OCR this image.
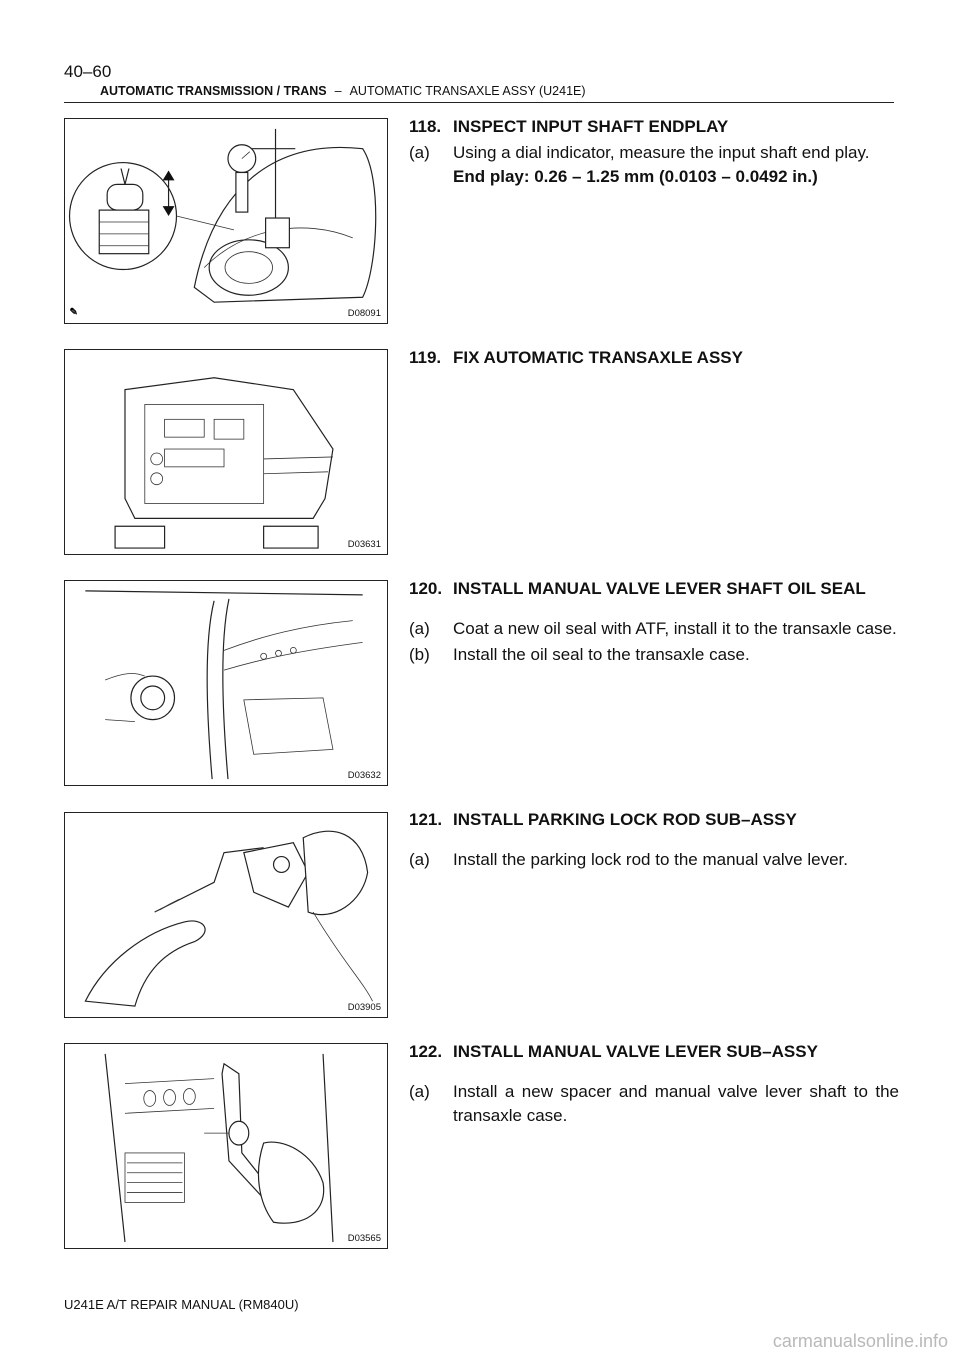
40–60
AUTOMATIC TRANSMISSION / TRANS – AUTOMATIC TRANSAXLE ASSY (U241E)
✎	D08091
D03631
D03632
D03905
D03565
118. INSPECT INPUT SHAFT ENDPLAY
(a)	Using a dial indicator, measure the input shaft end play.
End play: 0.26 – 1.25 mm (0.0103 – 0.0492 in.)
119. FIX AUTOMATIC TRANSAXLE ASSY
120. INSTALL MANUAL VALVE LEVER SHAFT OIL SEAL
(a)	Coat a new oil seal with ATF, install it to the transaxle case.
(b)	Install the oil seal to the transaxle case.
121. INSTALL PARKING LOCK ROD SUB–ASSY
(a)	Install the parking lock rod to the manual valve lever.
122. INSTALL MANUAL VALVE LEVER SUB–ASSY
(a)	Install a new spacer and manual valve lever shaft to the transaxle case.
U241E A/T REPAIR MANUAL (RM840U)
carmanualsonline.info
